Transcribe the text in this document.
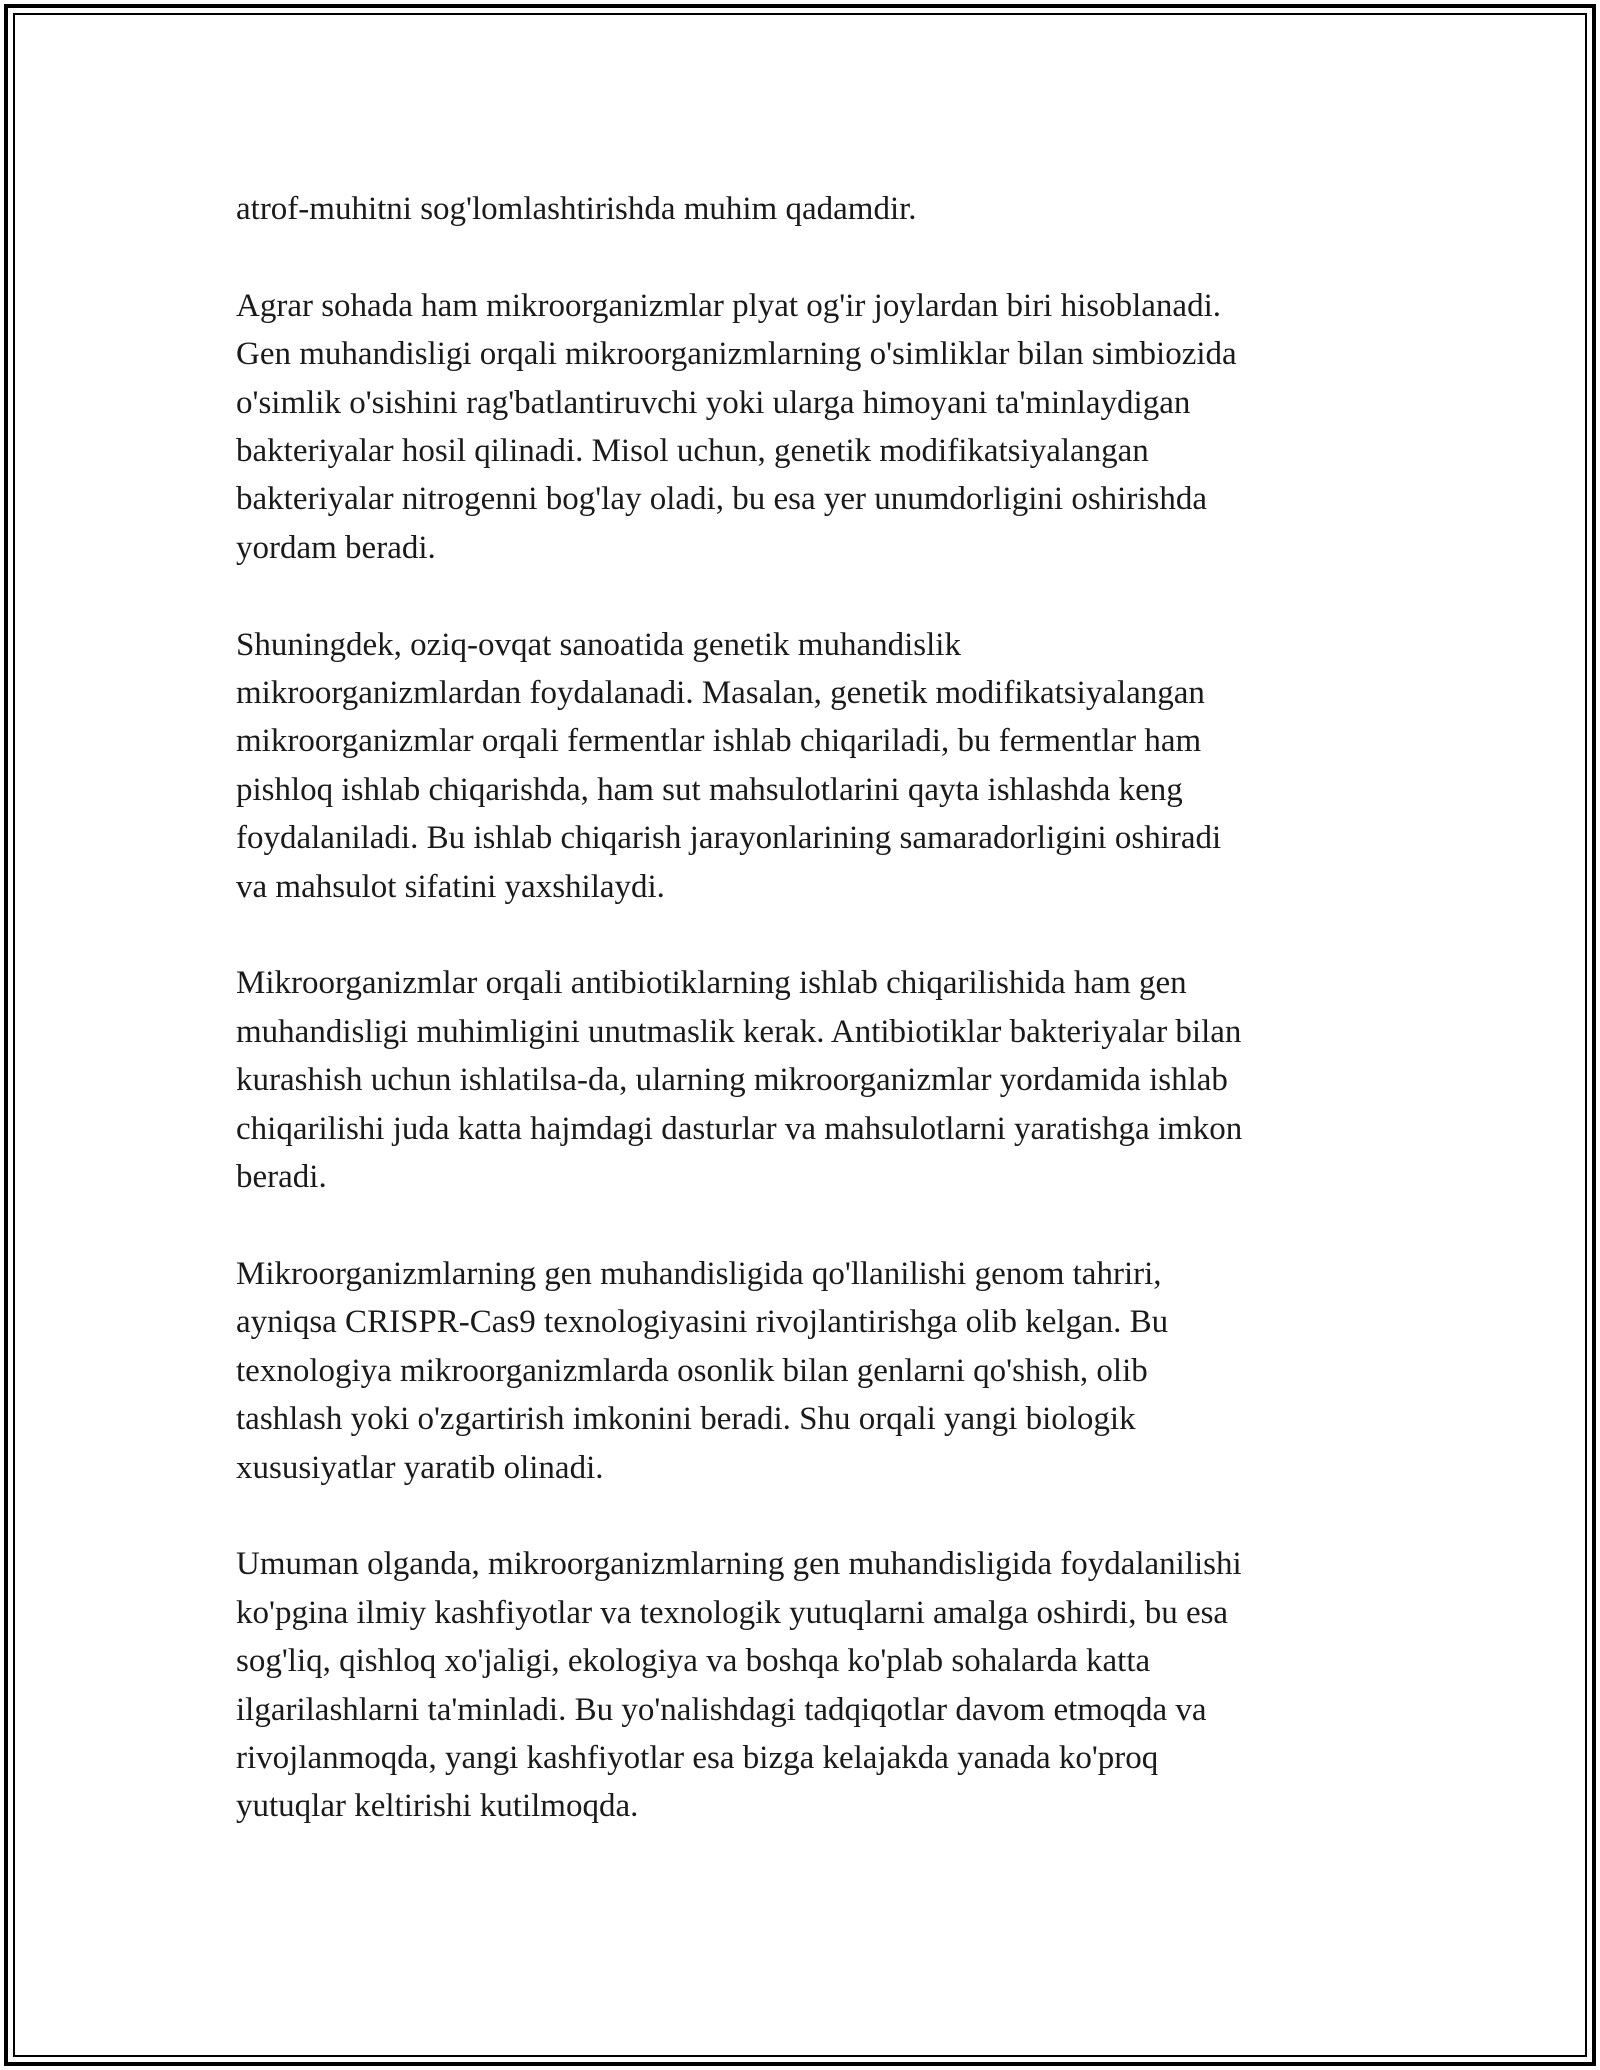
atrof-muhitni sog'lomlashtirishda muhim qadamdir.

Agrar sohada ham mikroorganizmlar plyat og'ir joylardan biri hisoblanadi.
Gen muhandisligi orqali mikroorganizmlarning o'simliklar bilan simbiozida
o'simlik o'sishini rag'batlantiruvchi yoki ularga himoyani ta'minlaydigan
bakteriyalar hosil qilinadi. Misol uchun, genetik modifikatsiyalangan
bakteriyalar nitrogenni bog'lay oladi, bu esa yer unumdorligini oshirishda
yordam beradi.

Shuningdek, oziq-ovqat sanoatida genetik muhandislik
mikroorganizmlardan foydalanadi. Masalan, genetik modifikatsiyalangan
mikroorganizmlar orqali fermentlar ishlab chiqariladi, bu fermentlar ham
pishloq ishlab chiqarishda, ham sut mahsulotlarini qayta ishlashda keng
foydalaniladi. Bu ishlab chiqarish jarayonlarining samaradorligini oshiradi
va mahsulot sifatini yaxshilaydi.

Mikroorganizmlar orqali antibiotiklarning ishlab chiqarilishida ham gen
muhandisligi muhimligini unutmaslik kerak. Antibiotiklar bakteriyalar bilan
kurashish uchun ishlatilsa-da, ularning mikroorganizmlar yordamida ishlab
chiqarilishi juda katta hajmdagi dasturlar va mahsulotlarni yaratishga imkon
beradi.

Mikroorganizmlarning gen muhandisligida qo'llanilishi genom tahriri,
ayniqsa CRISPR-Cas9 texnologiyasini rivojlantirishga olib kelgan. Bu
texnologiya mikroorganizmlarda osonlik bilan genlarni qo'shish, olib
tashlash yoki o'zgartirish imkonini beradi. Shu orqali yangi biologik
xususiyatlar yaratib olinadi.

Umuman olganda, mikroorganizmlarning gen muhandisligida foydalanilishi
ko'pgina ilmiy kashfiyotlar va texnologik yutuqlarni amalga oshirdi, bu esa
sog'liq, qishloq xo'jaligi, ekologiya va boshqa ko'plab sohalarda katta
ilgarilashlarni ta'minladi. Bu yo'nalishdagi tadqiqotlar davom etmoqda va
rivojlanmoqda, yangi kashfiyotlar esa bizga kelajakda yanada ko'proq
yutuqlar keltirishi kutilmoqda.
